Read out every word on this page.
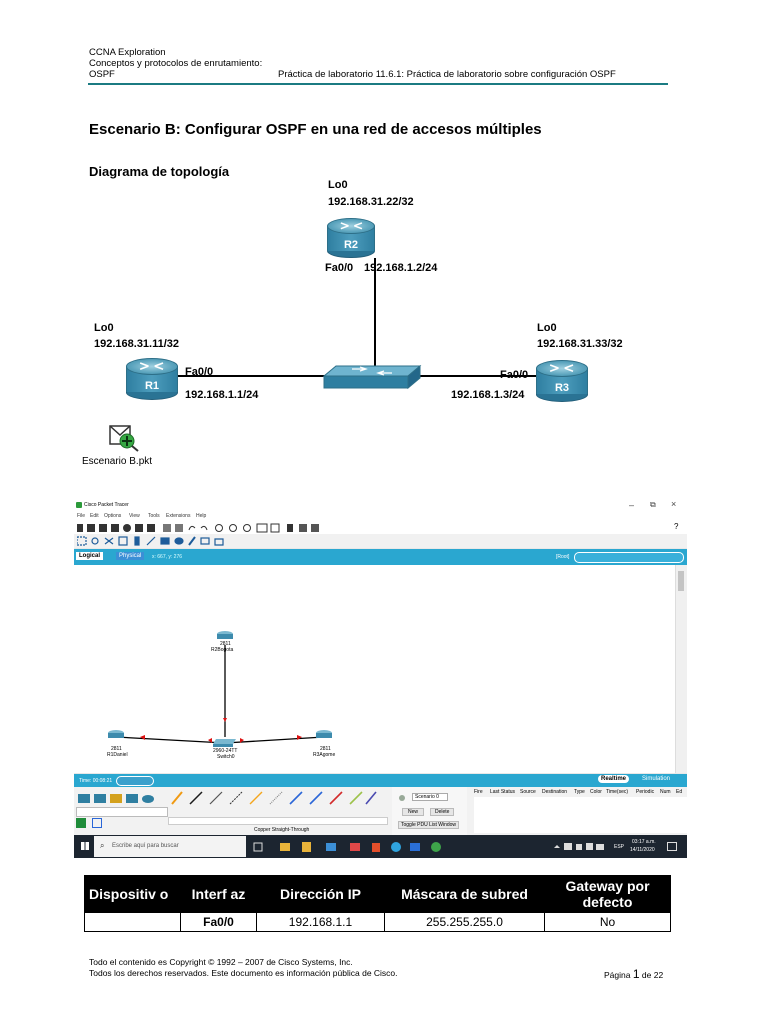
CCNA Exploration
Conceptos y protocolos de enrutamiento:
OSPF	Práctica de laboratorio 11.6.1: Práctica de laboratorio sobre configuración OSPF
Escenario B: Configurar OSPF en una red de accesos múltiples
Diagrama de topología
Lo0
192.168.31.22/32
R2
Fa0/0 192.168.1.2/24
Lo0
192.168.31.11/32
R1
Fa0/0
192.168.1.1/24
Lo0
192.168.31.33/32
R3
Fa0/0
192.168.1.3/24
Escenario B.pkt
Cisco Packet Tracer	– ⧉ ×
File Edit Options View Tools Extensions Help
?
Logical	Physical	x: 667, y: 276	[Root]
2811
R2Bogota
2811
R1Daniel
2960-24TT
Switch0
2811
R3Agome
Time: 00:08:21	Realtime	Simulation
Copper Straight-Through
Scenario 0
New	Delete
Toggle PDU List Window
Fire Last Status Source Destination Type Color Time(sec) Periodic Num Ed
⌕ Escribe aquí para buscar	ESP
03:17 a.m.
14/11/2020
Dispositiv o	Interf az	Dirección IP	Máscara de subred	Gateway por defecto
	Fa0/0	192.168.1.1	255.255.255.0	No
Todo el contenido es Copyright © 1992 – 2007 de Cisco Systems, Inc.
Todos los derechos reservados. Este documento es información pública de Cisco.	Página 1 de 22
